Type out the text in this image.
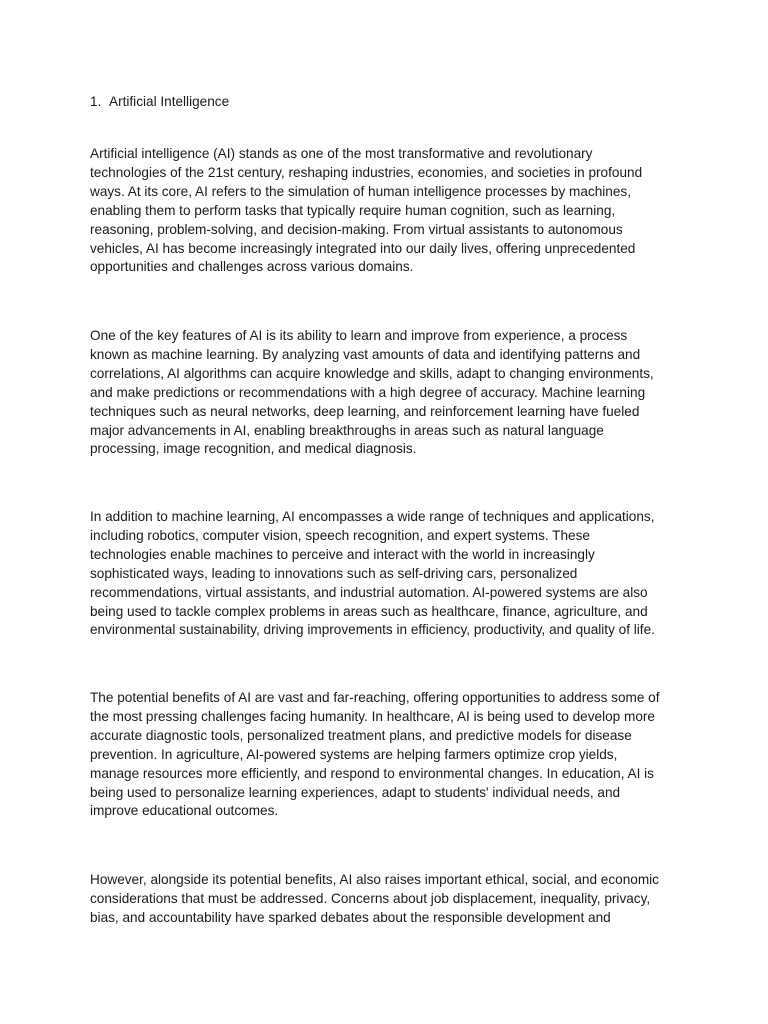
1. Artificial Intelligence

Artificial intelligence (AI) stands as one of the most transformative and revolutionary
technologies of the 21st century, reshaping industries, economies, and societies in profound
ways. At its core, AI refers to the simulation of human intelligence processes by machines,
enabling them to perform tasks that typically require human cognition, such as learning,
reasoning, problem-solving, and decision-making. From virtual assistants to autonomous
vehicles, AI has become increasingly integrated into our daily lives, offering unprecedented
opportunities and challenges across various domains.

One of the key features of AI is its ability to learn and improve from experience, a process
known as machine learning. By analyzing vast amounts of data and identifying patterns and
correlations, AI algorithms can acquire knowledge and skills, adapt to changing environments,
and make predictions or recommendations with a high degree of accuracy. Machine learning
techniques such as neural networks, deep learning, and reinforcement learning have fueled
major advancements in AI, enabling breakthroughs in areas such as natural language
processing, image recognition, and medical diagnosis.

In addition to machine learning, AI encompasses a wide range of techniques and applications,
including robotics, computer vision, speech recognition, and expert systems. These
technologies enable machines to perceive and interact with the world in increasingly
sophisticated ways, leading to innovations such as self-driving cars, personalized
recommendations, virtual assistants, and industrial automation. AI-powered systems are also
being used to tackle complex problems in areas such as healthcare, finance, agriculture, and
environmental sustainability, driving improvements in efficiency, productivity, and quality of life.

The potential benefits of AI are vast and far-reaching, offering opportunities to address some of
the most pressing challenges facing humanity. In healthcare, AI is being used to develop more
accurate diagnostic tools, personalized treatment plans, and predictive models for disease
prevention. In agriculture, AI-powered systems are helping farmers optimize crop yields,
manage resources more efficiently, and respond to environmental changes. In education, AI is
being used to personalize learning experiences, adapt to students' individual needs, and
improve educational outcomes.

However, alongside its potential benefits, AI also raises important ethical, social, and economic
considerations that must be addressed. Concerns about job displacement, inequality, privacy,
bias, and accountability have sparked debates about the responsible development and
